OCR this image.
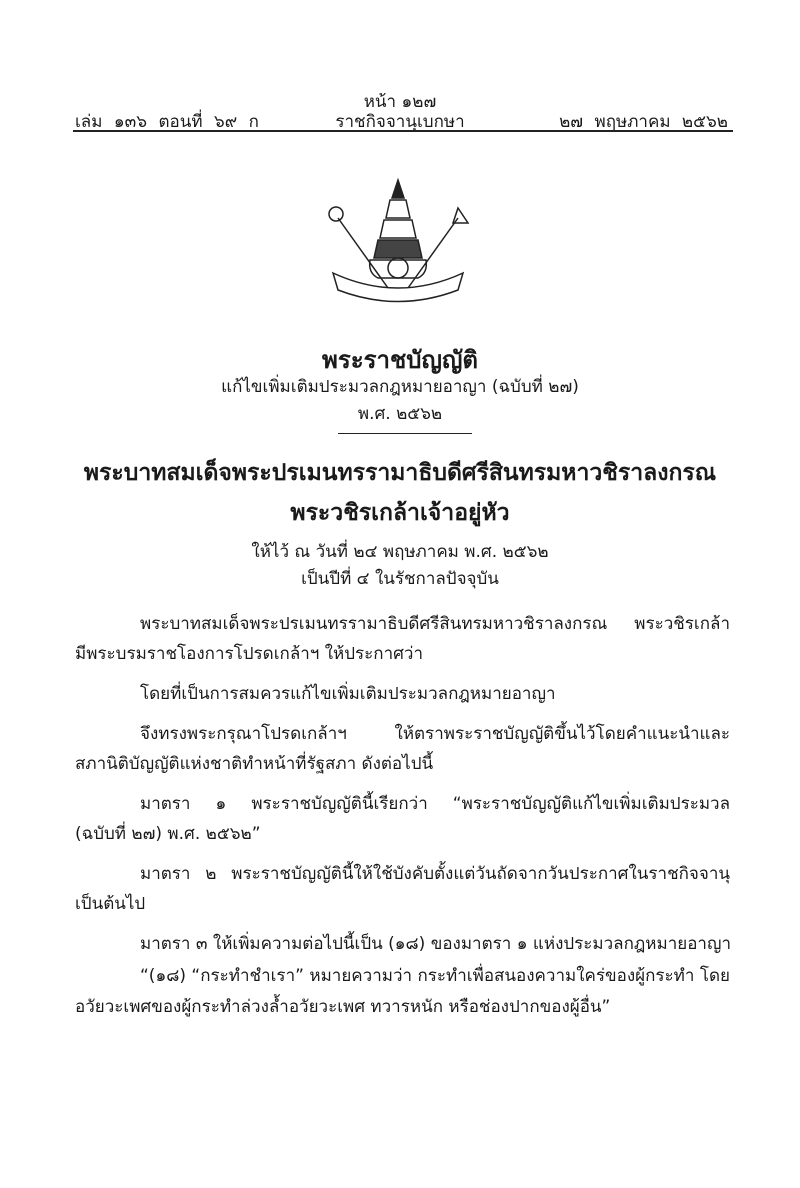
หน้า ๑๒๗
เล่ม ๑๓๖ ตอนที่ ๖๙ ก	ราชกิจจานุเบกษา	๒๗ พฤษภาคม ๒๕๖๒
พระราชบัญญัติ
แก้ไขเพิ่มเติมประมวลกฎหมายอาญา (ฉบับที่ ๒๗)
พ.ศ. ๒๕๖๒
พระบาทสมเด็จพระปรเมนทรรามาธิบดีศรีสินทรมหาวชิราลงกรณ
พระวชิรเกล้าเจ้าอยู่หัว
ให้ไว้ ณ วันที่ ๒๔ พฤษภาคม พ.ศ. ๒๕๖๒
เป็นปีที่ ๔ ในรัชกาลปัจจุบัน
พระบาทสมเด็จพระปรเมนทรรามาธิบดีศรีสินทรมหาวชิราลงกรณ พระวชิรเกล้า
มีพระบรมราชโองการโปรดเกล้าฯ ให้ประกาศว่า
โดยที่เป็นการสมควรแก้ไขเพิ่มเติมประมวลกฎหมายอาญา
จึงทรงพระกรุณาโปรดเกล้าฯ ให้ตราพระราชบัญญัติขึ้นไว้โดยคำแนะนำและ
สภานิติบัญญัติแห่งชาติทำหน้าที่รัฐสภา ดังต่อไปนี้
มาตรา ๑ พระราชบัญญัตินี้เรียกว่า “พระราชบัญญัติแก้ไขเพิ่มเติมประมวล
(ฉบับที่ ๒๗) พ.ศ. ๒๕๖๒”
มาตรา ๒ พระราชบัญญัตินี้ให้ใช้บังคับตั้งแต่วันถัดจากวันประกาศในราชกิจจานุ
เป็นต้นไป
มาตรา ๓ ให้เพิ่มความต่อไปนี้เป็น (๑๘) ของมาตรา ๑ แห่งประมวลกฎหมายอาญา
“(๑๘) “กระทำชำเรา” หมายความว่า กระทำเพื่อสนองความใคร่ของผู้กระทำ โดย
อวัยวะเพศของผู้กระทำล่วงล้ำอวัยวะเพศ ทวารหนัก หรือช่องปากของผู้อื่น”
